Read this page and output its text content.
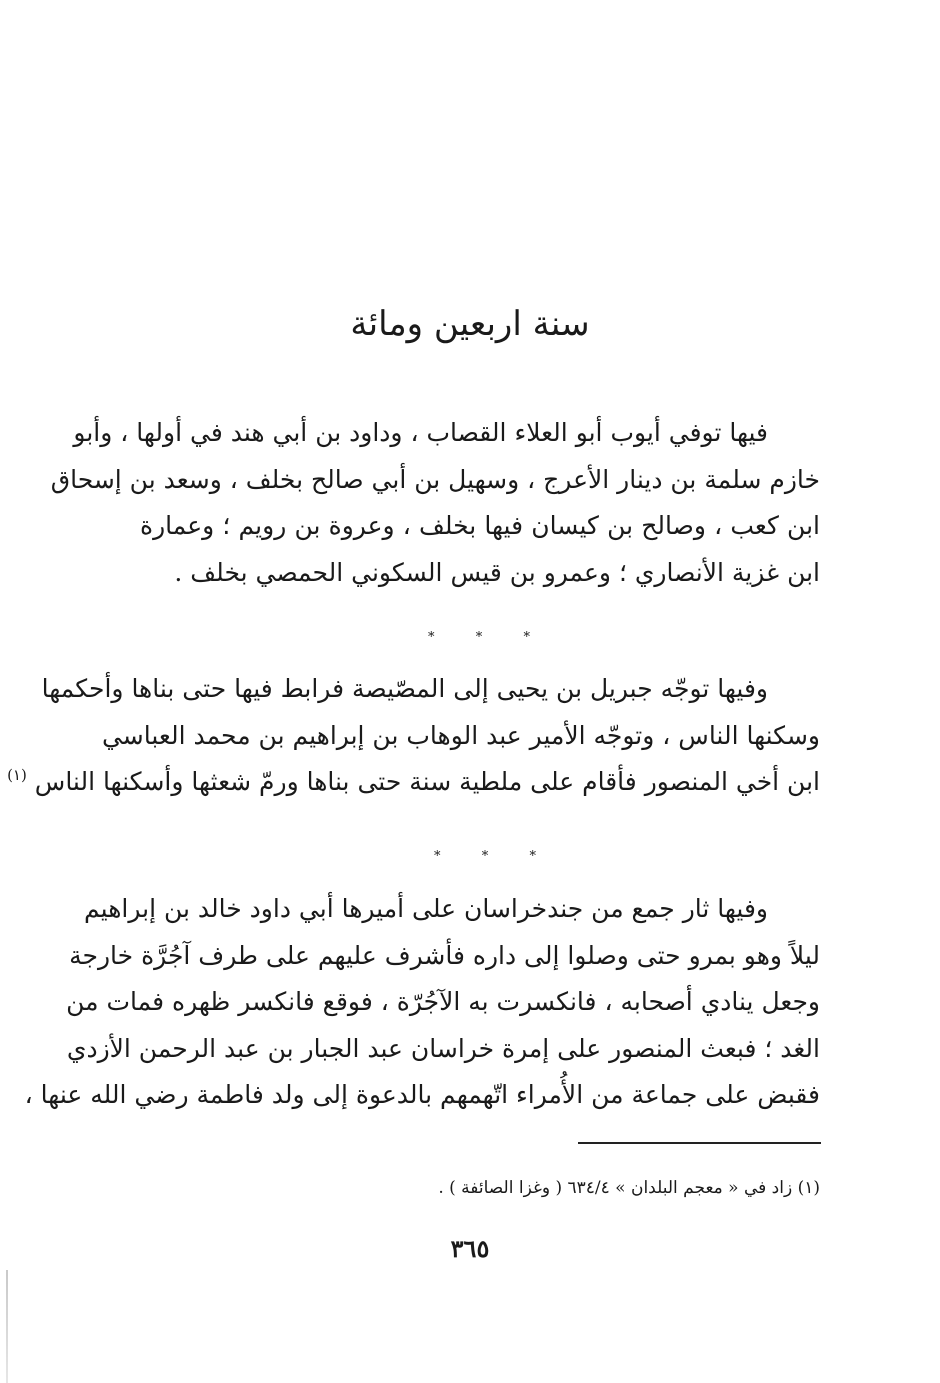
سنة اربعين ومائة
فيها توفي أيوب أبو العلاء القصاب ، وداود بن أبي هند في أولها ، وأبو
خازم سلمة بن دينار الأعرج ، وسهيل بن أبي صالح بخلف ، وسعد بن إسحاق
ابن كعب ، وصالح بن كيسان فيها بخلف ، وعروة بن رويم ؛ وعمارة
ابن غزية الأنصاري ؛ وعمرو بن قيس السكوني الحمصي بخلف .
*	*	*
وفيها توجّه جبريل بن يحيى إلى المصّيصة فرابط فيها حتى بناها وأحكمها
وسكنها الناس ، وتوجّه الأمير عبد الوهاب بن إبراهيم بن محمد العباسي
ابن أخي المنصور فأقام على ملطية سنة حتى بناها ورمّ شعثها وأسكنها الناس $^{(١)}$
*	*	*
وفيها ثار جمع من جندخراسان على أميرها أبي داود خالد بن إبراهيم
ليلاً وهو بمرو حتى وصلوا إلى داره فأشرف عليهم على طرف آجُرَّة خارجة
وجعل ينادي أصحابه ، فانكسرت به الآجُرّة ، فوقع فانكسر ظهره فمات من
الغد ؛ فبعث المنصور على إمرة خراسان عبد الجبار بن عبد الرحمن الأزدي
فقبض على جماعة من الأُمراء اتّهمهم بالدعوة إلى ولد فاطمة رضي الله عنها ،
(١) زاد في « معجم البلدان » ٦٣٤/٤ ( وغزا الصائفة ) .
٣٦٥
